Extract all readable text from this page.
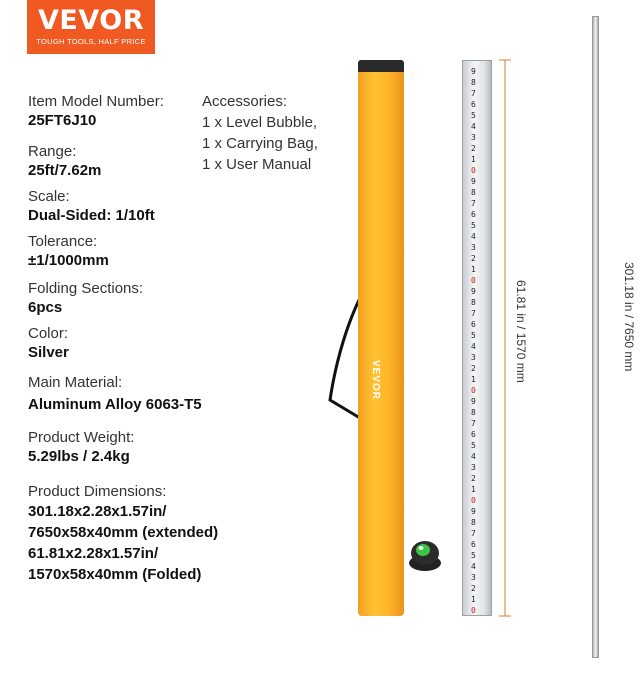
VEVOR
TOUGH TOOLS, HALF PRICE
Item Model Number:
25FT6J10
Range:
25ft/7.62m
Scale:
Dual-Sided: 1/10ft
Tolerance:
±1/1000mm
Folding Sections:
6pcs
Color:
Silver
Main Material:
Aluminum Alloy 6063-T5
Product Weight:
5.29lbs / 2.4kg
Product Dimensions:
301.18x2.28x1.57in/
7650x58x40mm (extended)
61.81x2.28x1.57in/
1570x58x40mm (Folded)
Accessories:
1 x Level Bubble,
1 x Carrying Bag,
1 x User Manual
VEVOR
9
8
7
6
5
4
3
2
1
0
9
8
7
6
5
4
3
2
1
0
9
8
7
6
5
4
3
2
1
0
9
8
7
6
5
4
3
2
1
0
9
8
7
6
5
4
3
2
1
0
61.81 in / 1570 mm	301.18 in / 7650 mm
